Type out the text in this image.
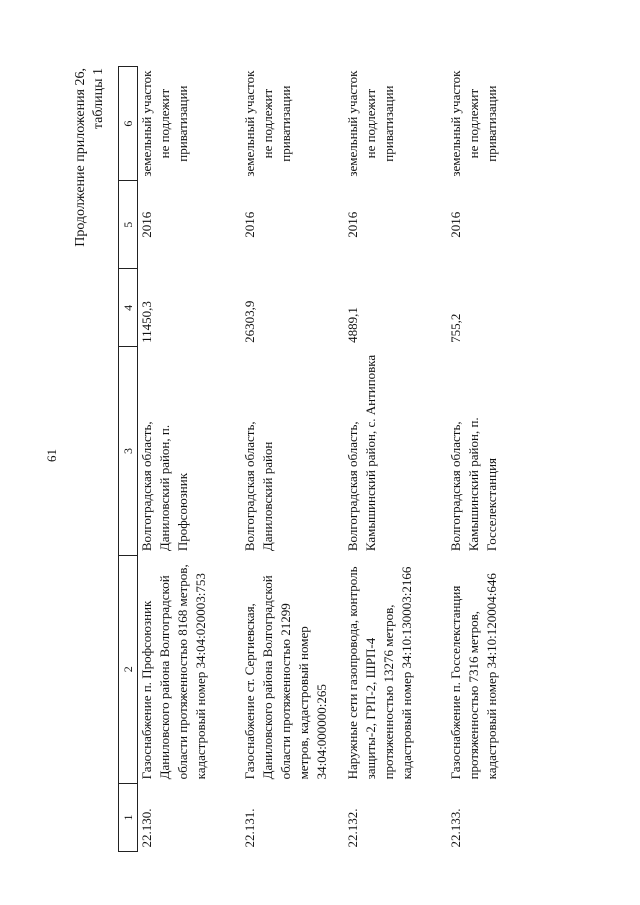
61
Продолжение приложения 26, таблицы 1
1	2	3	4	5	6
22.130.	Газоснабжение п. Профсоюзник Даниловского района Волгоградской области протяженностью 8168 метров, кадастровый номер 34:04:020003:753	Волгоградская область, Даниловский район, п. Профсоюзник	11450,3	2016	земельный участок не подлежит приватизации
22.131.	Газоснабжение ст. Сергиевская, Даниловского района Волгоградской области протяженностью 21299 метров, кадастровый номер 34:04:000000:265	Волгоградская область, Даниловский район	26303,9	2016	земельный участок не подлежит приватизации
22.132.	Наружные сети газопровода, контроль защиты-2, ГРП-2, ШРП-4 протяженностью 13276 метров, кадастровый номер 34:10:130003:2166	Волгоградская область, Камышинский район, с. Антиповка	4889,1	2016	земельный участок не подлежит приватизации
22.133.	Газоснабжение п. Госселекстанция протяженностью 7316 метров, кадастровый номер 34:10:120004:646	Волгоградская область, Камышинский район, п. Госселекстанция	755,2	2016	земельный участок не подлежит приватизации
